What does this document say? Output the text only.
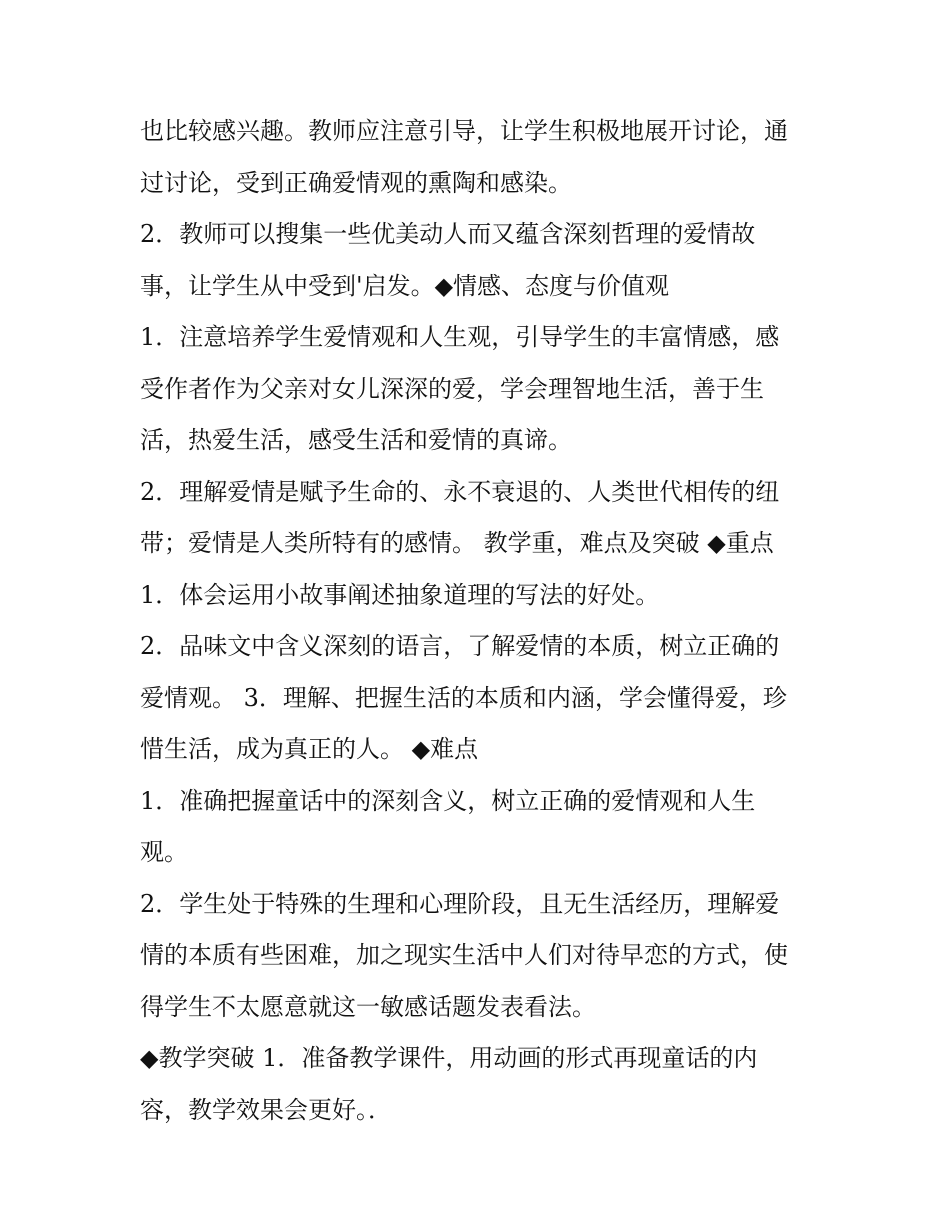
也比较感兴趣。教师应注意引导，让学生积极地展开讨论，通
过讨论，受到正确爱情观的熏陶和感染。
2．教师可以搜集一些优美动人而又蕴含深刻哲理的爱情故
事，让学生从中受到'启发。◆情感、态度与价值观
1．注意培养学生爱情观和人生观，引导学生的丰富情感，感
受作者作为父亲对女儿深深的爱，学会理智地生活，善于生
活，热爱生活，感受生活和爱情的真谛。
2．理解爱情是赋予生命的、永不衰退的、人类世代相传的纽
带；爱情是人类所特有的感情。 教学重，难点及突破 ◆重点
1．体会运用小故事阐述抽象道理的写法的好处。
2．品味文中含义深刻的语言，了解爱情的本质，树立正确的
爱情观。 3．理解、把握生活的本质和内涵，学会懂得爱，珍
惜生活，成为真正的人。 ◆难点
1．准确把握童话中的深刻含义，树立正确的爱情观和人生
观。
2．学生处于特殊的生理和心理阶段，且无生活经历，理解爱
情的本质有些困难，加之现实生活中人们对待早恋的方式，使
得学生不太愿意就这一敏感话题发表看法。
◆教学突破 1．准备教学课件，用动画的形式再现童话的内
容，教学效果会更好。．
